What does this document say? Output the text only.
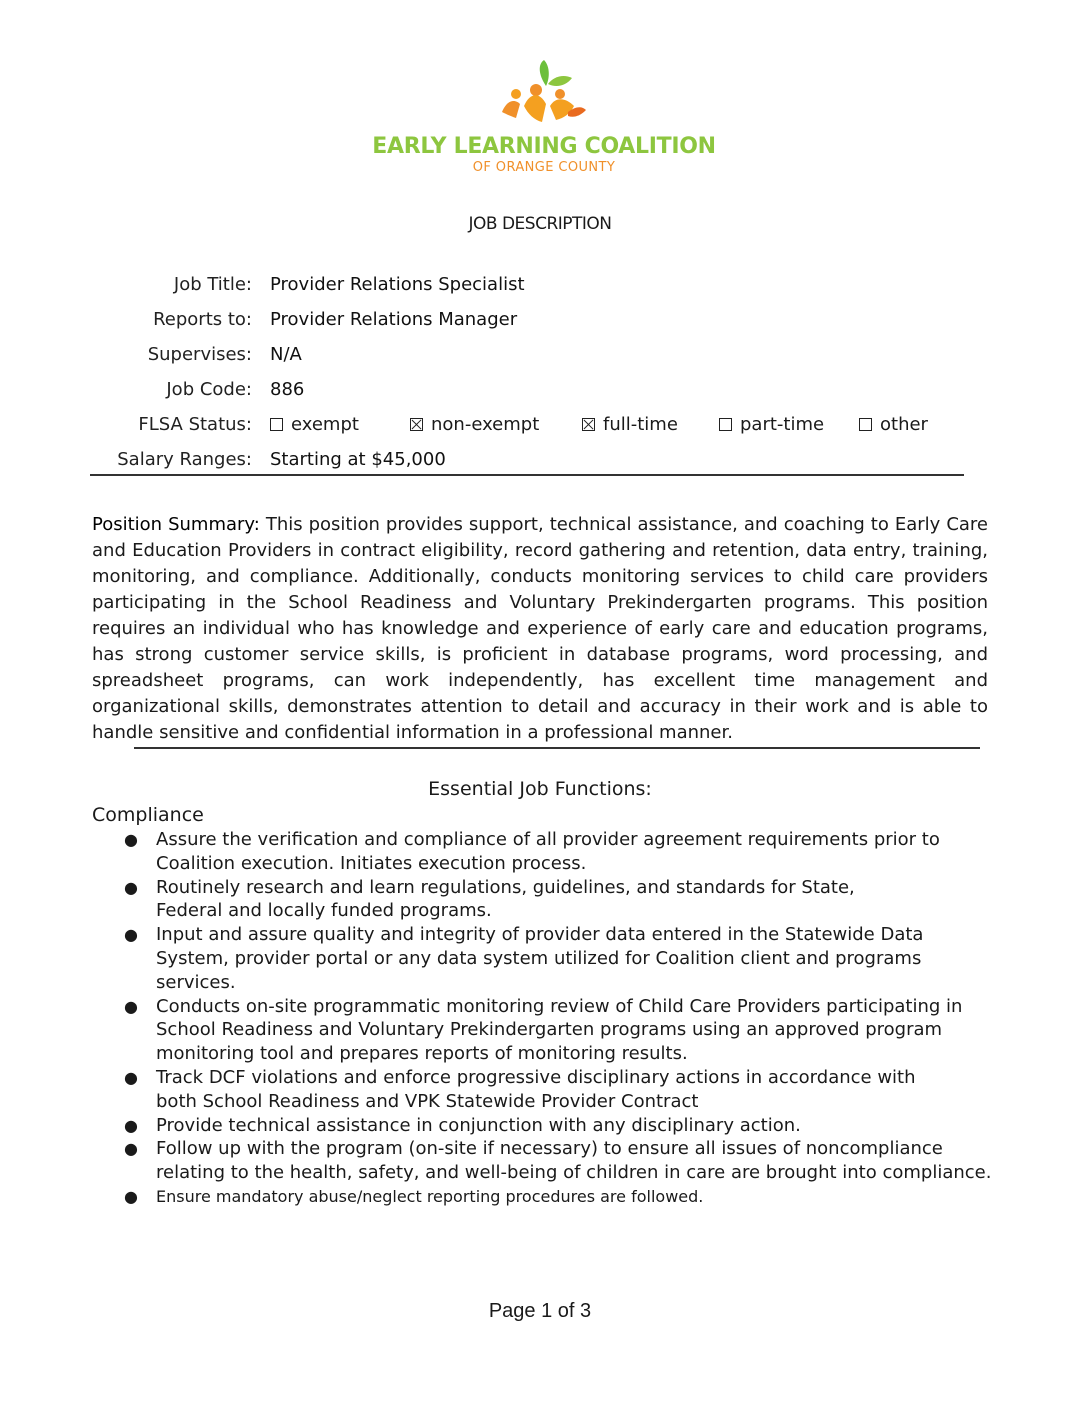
EARLY LEARNING COALITION
OF ORANGE COUNTY
JOB DESCRIPTION
Job Title: Provider Relations Specialist
Reports to: Provider Relations Manager
Supervises: N/A
Job Code: 886
FLSA Status:	exempt	non-exempt	full-time	part-time	other
Salary Ranges: Starting at $45,000
Position Summary: This position provides support, technical assistance, and coaching to Early Care and Education Providers in contract eligibility, record gathering and retention, data entry, training, monitoring, and compliance. Additionally, conducts monitoring services to child care providers participating in the School Readiness and Voluntary Prekindergarten programs. This position requires an individual who has knowledge and experience of early care and education programs, has strong customer service skills, is proficient in database programs, word processing, and spreadsheet programs, can work independently, has excellent time management and organizational skills, demonstrates attention to detail and accuracy in their work and is able to handle sensitive and confidential information in a professional manner.
Essential Job Functions:
Compliance
● Assure the verification and compliance of all provider agreement requirements prior to Coalition execution. Initiates execution process.
● Routinely research and learn regulations, guidelines, and standards for State, Federal and locally funded programs.
● Input and assure quality and integrity of provider data entered in the Statewide Data System, provider portal or any data system utilized for Coalition client and programs services.
● Conducts on-site programmatic monitoring review of Child Care Providers participating in School Readiness and Voluntary Prekindergarten programs using an approved program monitoring tool and prepares reports of monitoring results.
● Track DCF violations and enforce progressive disciplinary actions in accordance with both School Readiness and VPK Statewide Provider Contract
● Provide technical assistance in conjunction with any disciplinary action.
● Follow up with the program (on-site if necessary) to ensure all issues of noncompliance relating to the health, safety, and well-being of children in care are brought into compliance.
● Ensure mandatory abuse/neglect reporting procedures are followed.
Page 1 of 3
